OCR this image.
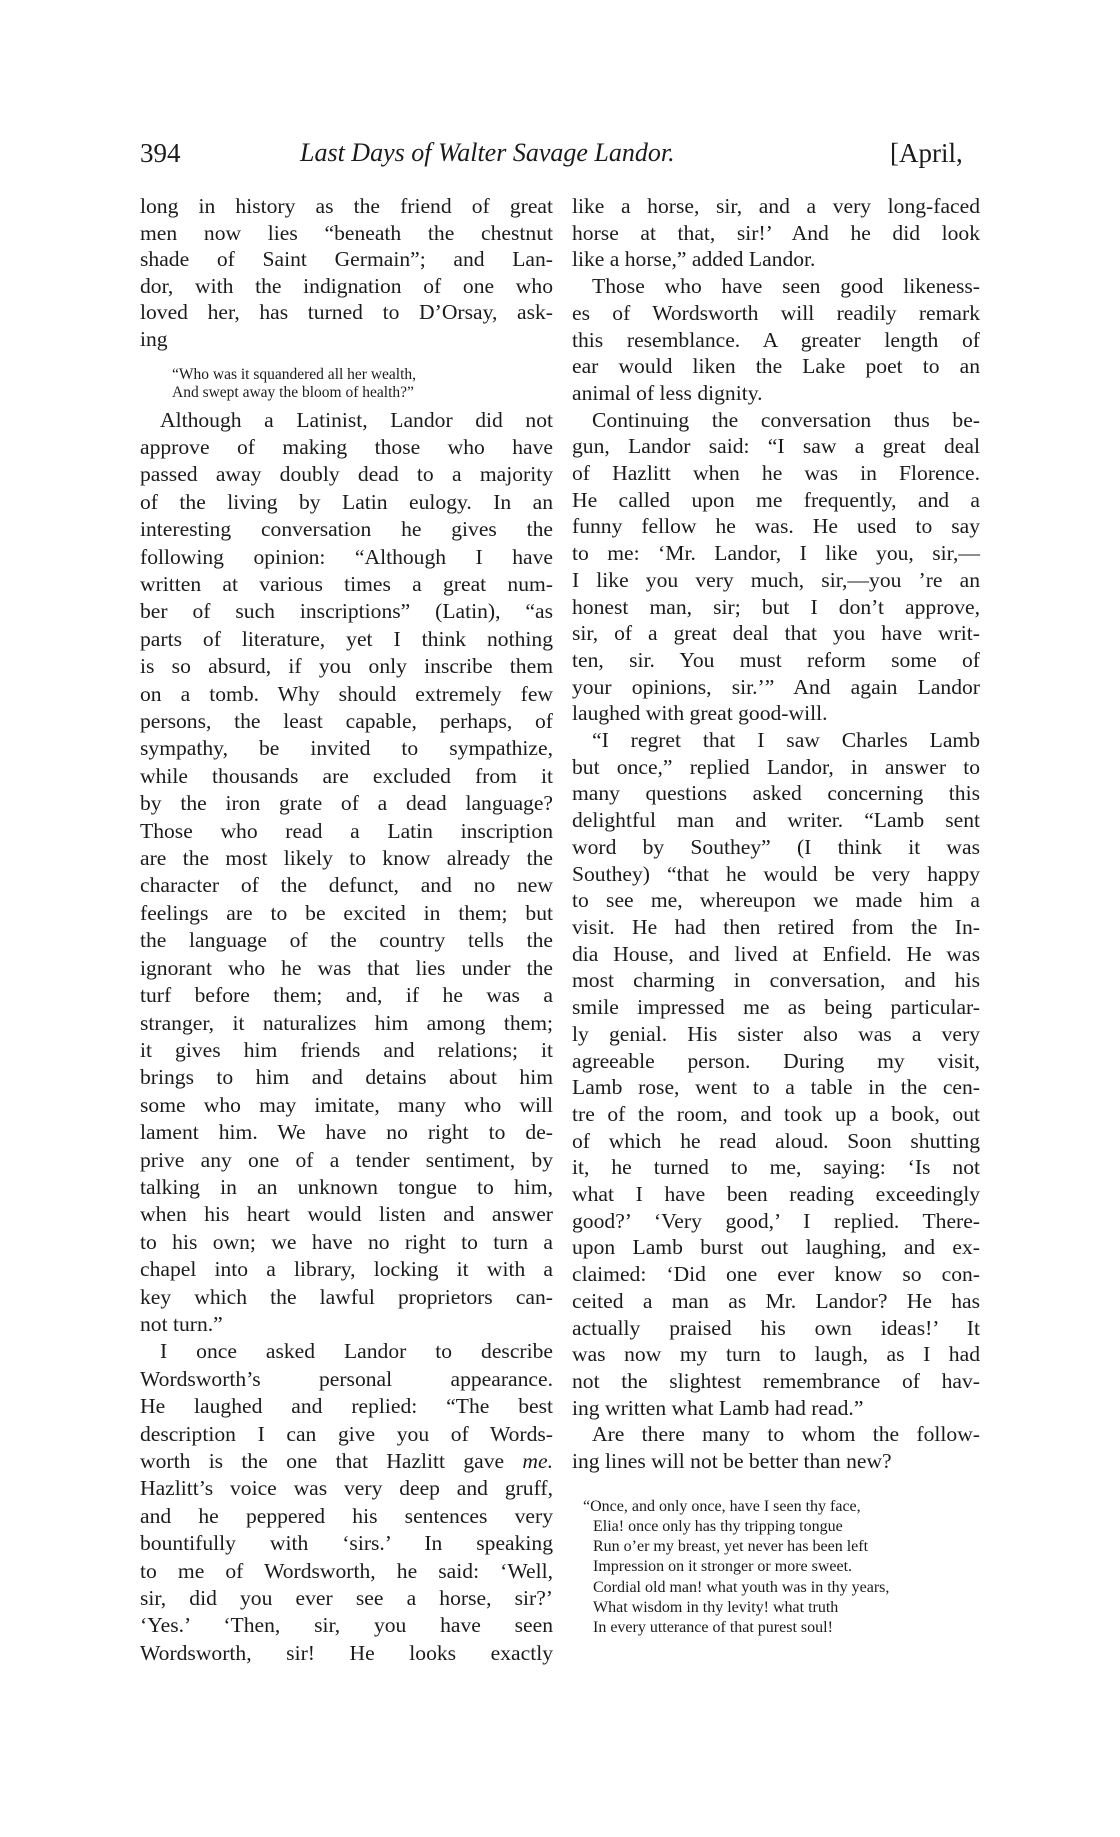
394	Last Days of Walter Savage Landor.	[April,
long in history as the friend of great
men now lies “beneath the chestnut
shade of Saint Germain”; and Lan-
dor, with the indignation of one who
loved her, has turned to D’Orsay, ask-
ing
“Who was it squandered all her wealth,
And swept away the bloom of health?”
Although a Latinist, Landor did not
approve of making those who have
passed away doubly dead to a majority
of the living by Latin eulogy. In an
interesting conversation he gives the
following opinion: “Although I have
written at various times a great num-
ber of such inscriptions” (Latin), “as
parts of literature, yet I think nothing
is so absurd, if you only inscribe them
on a tomb. Why should extremely few
persons, the least capable, perhaps, of
sympathy, be invited to sympathize,
while thousands are excluded from it
by the iron grate of a dead language?
Those who read a Latin inscription
are the most likely to know already the
character of the defunct, and no new
feelings are to be excited in them; but
the language of the country tells the
ignorant who he was that lies under the
turf before them; and, if he was a
stranger, it naturalizes him among them;
it gives him friends and relations; it
brings to him and detains about him
some who may imitate, many who will
lament him. We have no right to de-
prive any one of a tender sentiment, by
talking in an unknown tongue to him,
when his heart would listen and answer
to his own; we have no right to turn a
chapel into a library, locking it with a
key which the lawful proprietors can-
not turn.”
I once asked Landor to describe
Wordsworth’s personal appearance.
He laughed and replied: “The best
description I can give you of Words-
worth is the one that Hazlitt gave me.
Hazlitt’s voice was very deep and gruff,
and he peppered his sentences very
bountifully with ‘sirs.’ In speaking
to me of Wordsworth, he said: ‘Well,
sir, did you ever see a horse, sir?’
‘Yes.’ ‘Then, sir, you have seen
Wordsworth, sir! He looks exactly
like a horse, sir, and a very long-faced
horse at that, sir!’ And he did look
like a horse,” added Landor.
Those who have seen good likeness-
es of Wordsworth will readily remark
this resemblance. A greater length of
ear would liken the Lake poet to an
animal of less dignity.
Continuing the conversation thus be-
gun, Landor said: “I saw a great deal
of Hazlitt when he was in Florence.
He called upon me frequently, and a
funny fellow he was. He used to say
to me: ‘Mr. Landor, I like you, sir,—
I like you very much, sir,—you ’re an
honest man, sir; but I don’t approve,
sir, of a great deal that you have writ-
ten, sir. You must reform some of
your opinions, sir.’” And again Landor
laughed with great good-will.
“I regret that I saw Charles Lamb
but once,” replied Landor, in answer to
many questions asked concerning this
delightful man and writer. “Lamb sent
word by Southey” (I think it was
Southey) “that he would be very happy
to see me, whereupon we made him a
visit. He had then retired from the In-
dia House, and lived at Enfield. He was
most charming in conversation, and his
smile impressed me as being particular-
ly genial. His sister also was a very
agreeable person. During my visit,
Lamb rose, went to a table in the cen-
tre of the room, and took up a book, out
of which he read aloud. Soon shutting
it, he turned to me, saying: ‘Is not
what I have been reading exceedingly
good?’ ‘Very good,’ I replied. There-
upon Lamb burst out laughing, and ex-
claimed: ‘Did one ever know so con-
ceited a man as Mr. Landor? He has
actually praised his own ideas!’ It
was now my turn to laugh, as I had
not the slightest remembrance of hav-
ing written what Lamb had read.”
Are there many to whom the follow-
ing lines will not be better than new?
“Once, and only once, have I seen thy face,
Elia! once only has thy tripping tongue
Run o’er my breast, yet never has been left
Impression on it stronger or more sweet.
Cordial old man! what youth was in thy years,
What wisdom in thy levity! what truth
In every utterance of that purest soul!
